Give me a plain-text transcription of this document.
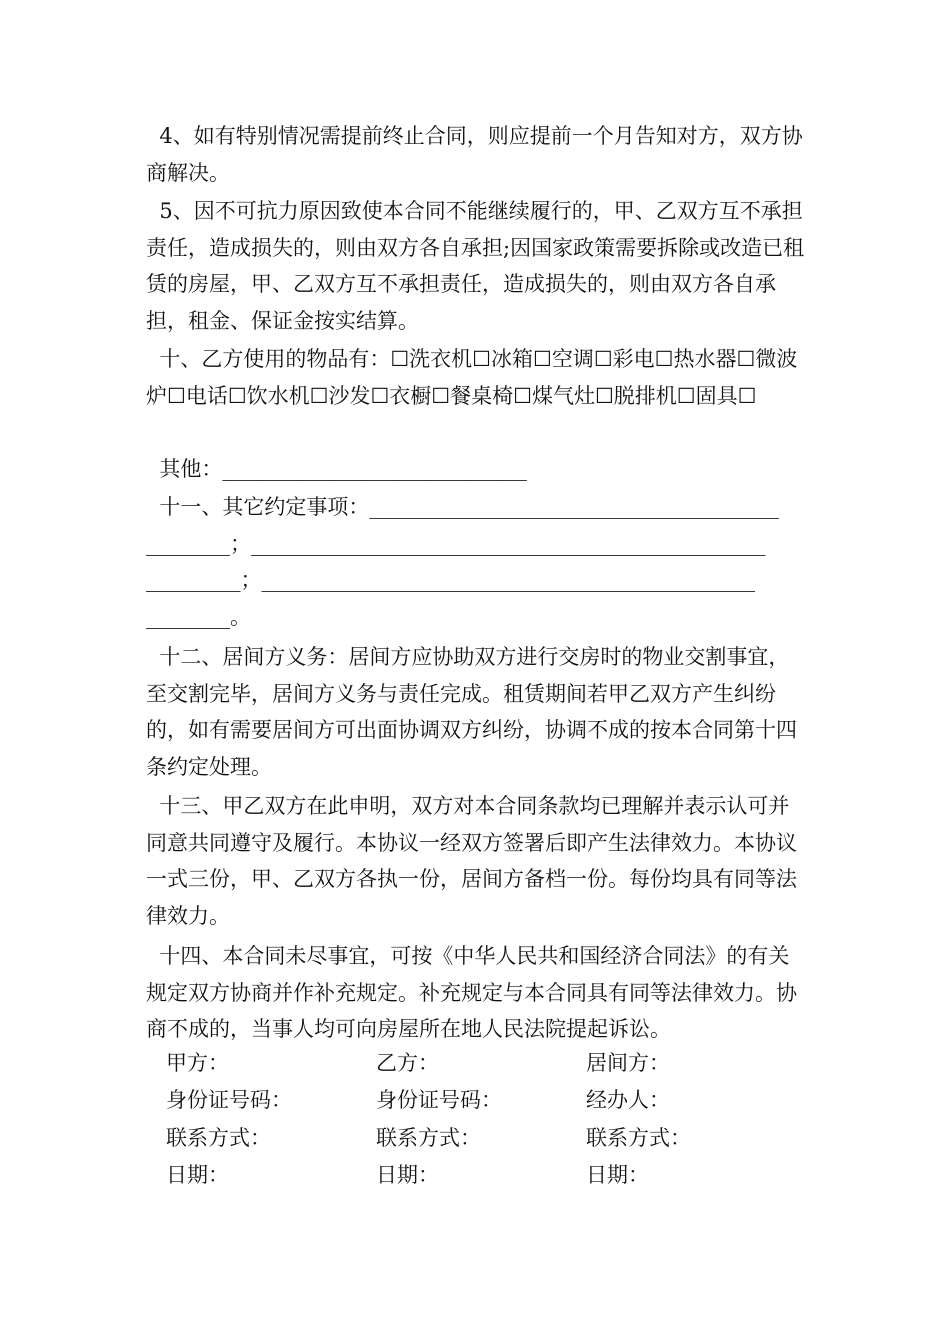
4、如有特别情况需提前终止合同，则应提前一个月告知对方，双方协商解决。
5、因不可抗力原因致使本合同不能继续履行的，甲、乙双方互不承担责任，造成损失的，则由双方各自承担;因国家政策需要拆除或改造已租赁的房屋，甲、乙双方互不承担责任，造成损失的，则由双方各自承担，租金、保证金按实结算。
十、乙方使用的物品有：☐洗衣机☐冰箱☐空调☐彩电☐热水器☐微波炉☐电话☐饮水机☐沙发☐衣橱☐餐桌椅☐煤气灶☐脱排机☐固具☐
其他：_____________________________
十一、其它约定事项：_______________________________________
________；_________________________________________________
_________；_______________________________________________
________。
十二、居间方义务：居间方应协助双方进行交房时的物业交割事宜，至交割完毕，居间方义务与责任完成。租赁期间若甲乙双方产生纠纷的，如有需要居间方可出面协调双方纠纷，协调不成的按本合同第十四条约定处理。
十三、甲乙双方在此申明，双方对本合同条款均已理解并表示认可并同意共同遵守及履行。本协议一经双方签署后即产生法律效力。本协议一式三份，甲、乙双方各执一份，居间方备档一份。每份均具有同等法律效力。
十四、本合同未尽事宜，可按《中华人民共和国经济合同法》的有关规定双方协商并作补充规定。补充规定与本合同具有同等法律效力。协商不成的，当事人均可向房屋所在地人民法院提起诉讼。
甲方：	乙方：	居间方：
身份证号码：	身份证号码：	经办人：
联系方式：	联系方式：	联系方式：
日期：	日期：	日期：
